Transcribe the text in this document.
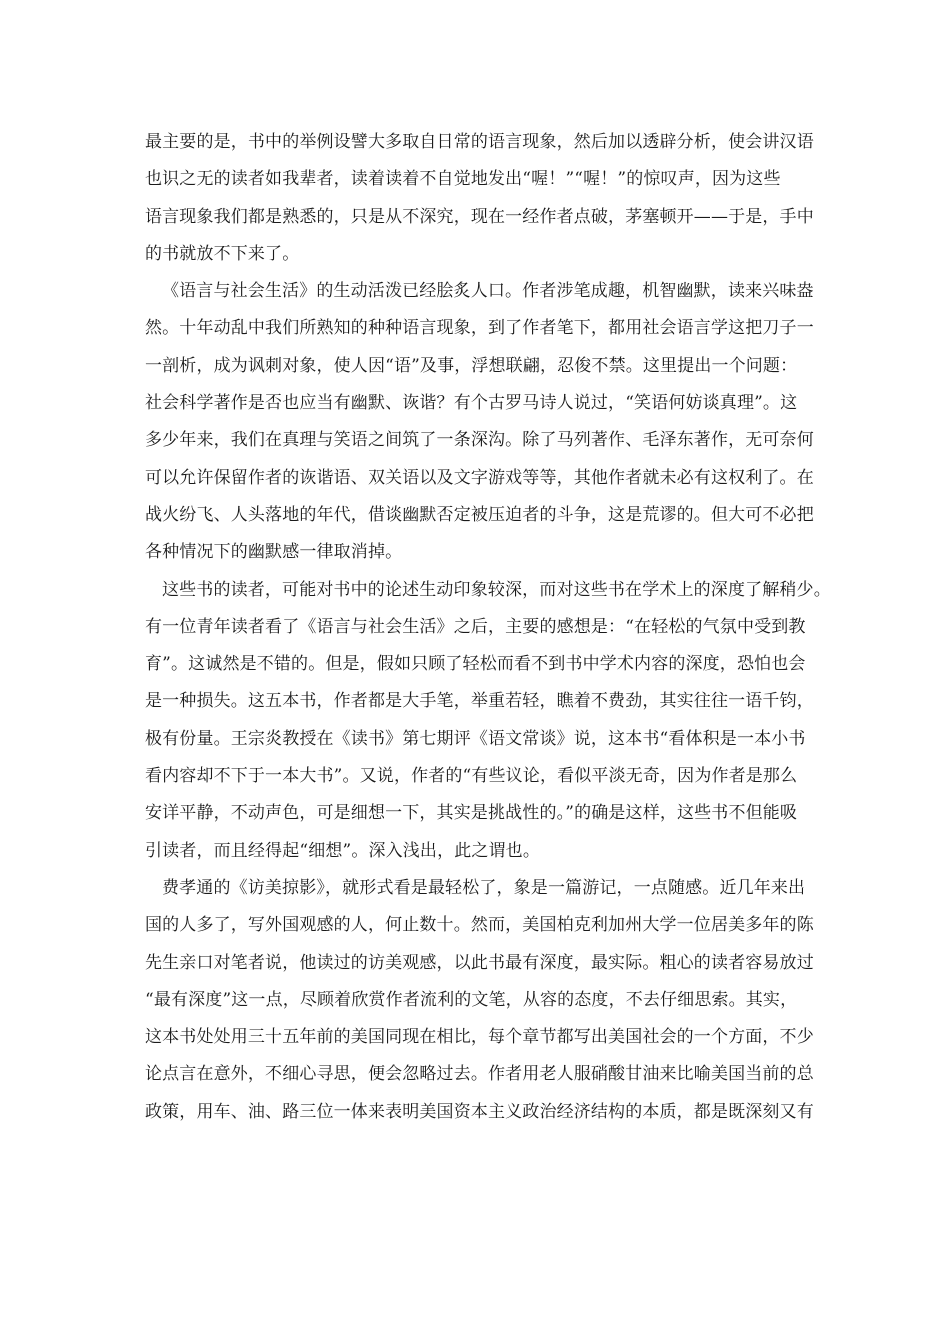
最主要的是，书中的举例设譬大多取自日常的语言现象，然后加以透辟分析，使会讲汉语
也识之无的读者如我辈者，读着读着不自觉地发出“喔！”“喔！”的惊叹声，因为这些
语言现象我们都是熟悉的，只是从不深究，现在一经作者点破，茅塞顿开——于是，手中
的书就放不下来了。
《语言与社会生活》的生动活泼已经脍炙人口。作者涉笔成趣，机智幽默，读来兴味盎
然。十年动乱中我们所熟知的种种语言现象，到了作者笔下，都用社会语言学这把刀子一
一剖析，成为讽刺对象，使人因“语”及事，浮想联翩，忍俊不禁。这里提出一个问题：
社会科学著作是否也应当有幽默、诙谐？有个古罗马诗人说过，“笑语何妨谈真理”。这
多少年来，我们在真理与笑语之间筑了一条深沟。除了马列著作、毛泽东著作，无可奈何
可以允许保留作者的诙谐语、双关语以及文字游戏等等，其他作者就未必有这权利了。在
战火纷飞、人头落地的年代，借谈幽默否定被压迫者的斗争，这是荒谬的。但大可不必把
各种情况下的幽默感一律取消掉。
这些书的读者，可能对书中的论述生动印象较深，而对这些书在学术上的深度了解稍少。
有一位青年读者看了《语言与社会生活》之后，主要的感想是：“在轻松的气氛中受到教
育”。这诚然是不错的。但是，假如只顾了轻松而看不到书中学术内容的深度，恐怕也会
是一种损失。这五本书，作者都是大手笔，举重若轻，瞧着不费劲，其实往往一语千钧，
极有份量。王宗炎教授在《读书》第七期评《语文常谈》说，这本书“看体积是一本小书
看内容却不下于一本大书”。又说，作者的“有些议论，看似平淡无奇，因为作者是那么
安详平静，不动声色，可是细想一下，其实是挑战性的。”的确是这样，这些书不但能吸
引读者，而且经得起“细想”。深入浅出，此之谓也。
费孝通的《访美掠影》，就形式看是最轻松了，象是一篇游记，一点随感。近几年来出
国的人多了，写外国观感的人，何止数十。然而，美国柏克利加州大学一位居美多年的陈
先生亲口对笔者说，他读过的访美观感，以此书最有深度，最实际。粗心的读者容易放过
“最有深度”这一点，尽顾着欣赏作者流利的文笔，从容的态度，不去仔细思索。其实，
这本书处处用三十五年前的美国同现在相比，每个章节都写出美国社会的一个方面，不少
论点言在意外，不细心寻思，便会忽略过去。作者用老人服硝酸甘油来比喻美国当前的总
政策，用车、油、路三位一体来表明美国资本主义政治经济结构的本质，都是既深刻又有
